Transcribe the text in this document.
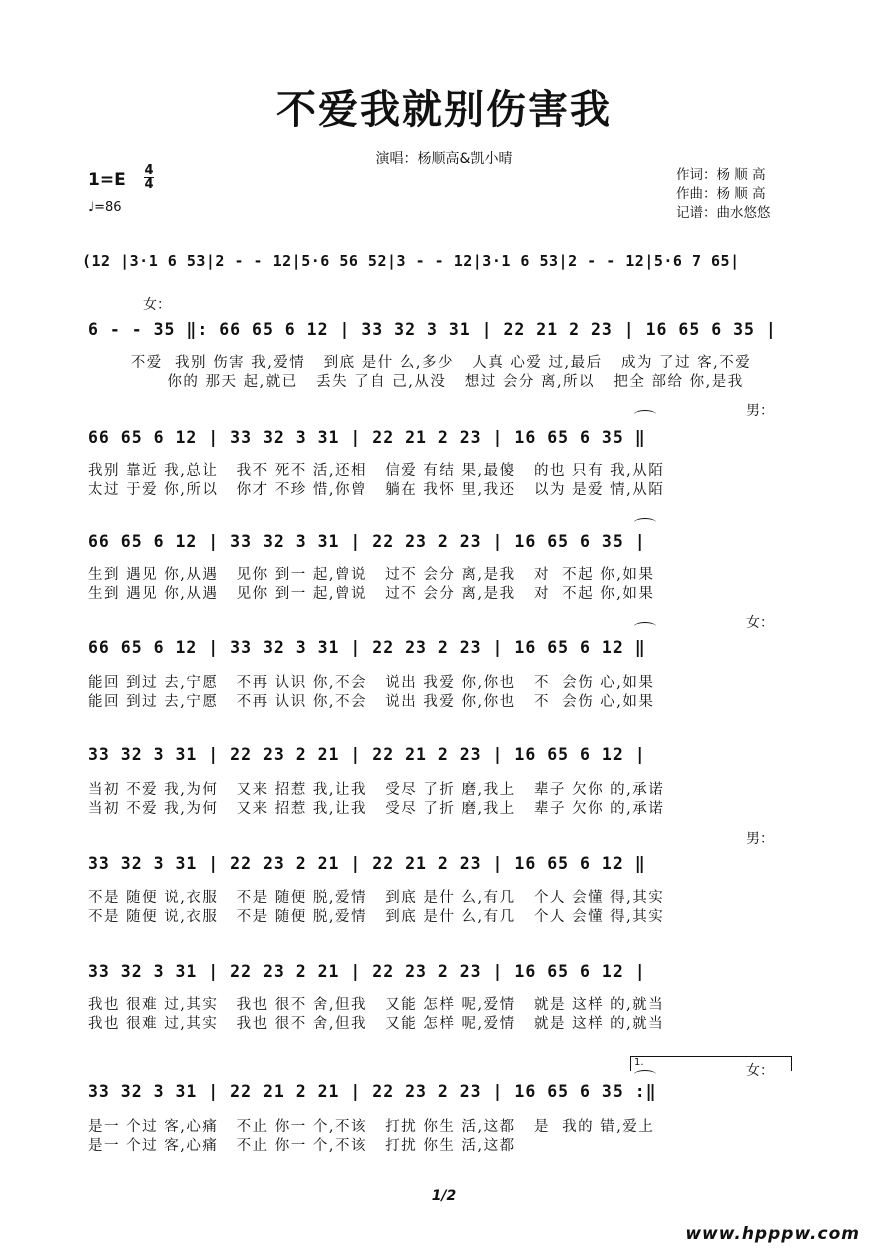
不爱我就别伤害我
演唱：杨顺高&凯小晴
1=E 4
4
♩=86
作词：杨 顺 高
作曲：杨 顺 高
记谱：曲水悠悠
(12 |3·1 6 53|2 - - 12|5·6 56 52|3 - - 12|3·1 6 53|2 - - 12|5·6 7 65|
女：
6 - - 35 ‖: 66 65 6 12 | 33 32 3 31 | 22 21 2 23 | 16 65 6 35 |
不爱  我别 伤害 我,爱情   到底 是什 么,多少   人真 心爱 过,最后   成为 了过 客,不爱
你的 那天 起,就已   丢失 了自 己,从没   想过 会分 离,所以   把全 部给 你,是我
男：
66 65 6 12 | 33 32 3 31 | 22 21 2 23 | 16 65 6 35 ‖
我别 靠近 我,总让   我不 死不 活,还相   信爱 有结 果,最傻   的也 只有 我,从陌
太过 于爱 你,所以   你才 不珍 惜,你曾   躺在 我怀 里,我还   以为 是爱 情,从陌
66 65 6 12 | 33 32 3 31 | 22 23 2 23 | 16 65 6 35 |
生到 遇见 你,从遇   见你 到一 起,曾说   过不 会分 离,是我   对  不起 你,如果
生到 遇见 你,从遇   见你 到一 起,曾说   过不 会分 离,是我   对  不起 你,如果
女：
66 65 6 12 | 33 32 3 31 | 22 23 2 23 | 16 65 6 12 ‖
能回 到过 去,宁愿   不再 认识 你,不会   说出 我爱 你,你也   不  会伤 心,如果
能回 到过 去,宁愿   不再 认识 你,不会   说出 我爱 你,你也   不  会伤 心,如果
33 32 3 31 | 22 23 2 21 | 22 21 2 23 | 16 65 6 12 |
当初 不爱 我,为何   又来 招惹 我,让我   受尽 了折 磨,我上   辈子 欠你 的,承诺
当初 不爱 我,为何   又来 招惹 我,让我   受尽 了折 磨,我上   辈子 欠你 的,承诺
男：
33 32 3 31 | 22 23 2 21 | 22 21 2 23 | 16 65 6 12 ‖
不是 随便 说,衣服   不是 随便 脱,爱情   到底 是什 么,有几   个人 会懂 得,其实
不是 随便 说,衣服   不是 随便 脱,爱情   到底 是什 么,有几   个人 会懂 得,其实
33 32 3 31 | 22 23 2 21 | 22 23 2 23 | 16 65 6 12 |
我也 很难 过,其实   我也 很不 舍,但我   又能 怎样 呢,爱情   就是 这样 的,就当
我也 很难 过,其实   我也 很不 舍,但我   又能 怎样 呢,爱情   就是 这样 的,就当
1.
女：
33 32 3 31 | 22 21 2 21 | 22 23 2 23 | 16 65 6 35 :‖
是一 个过 客,心痛   不止 你一 个,不该   打扰 你生 活,这都   是  我的 错,爱上
是一 个过 客,心痛   不止 你一 个,不该   打扰 你生 活,这都
1/2
www.hpppw.com
